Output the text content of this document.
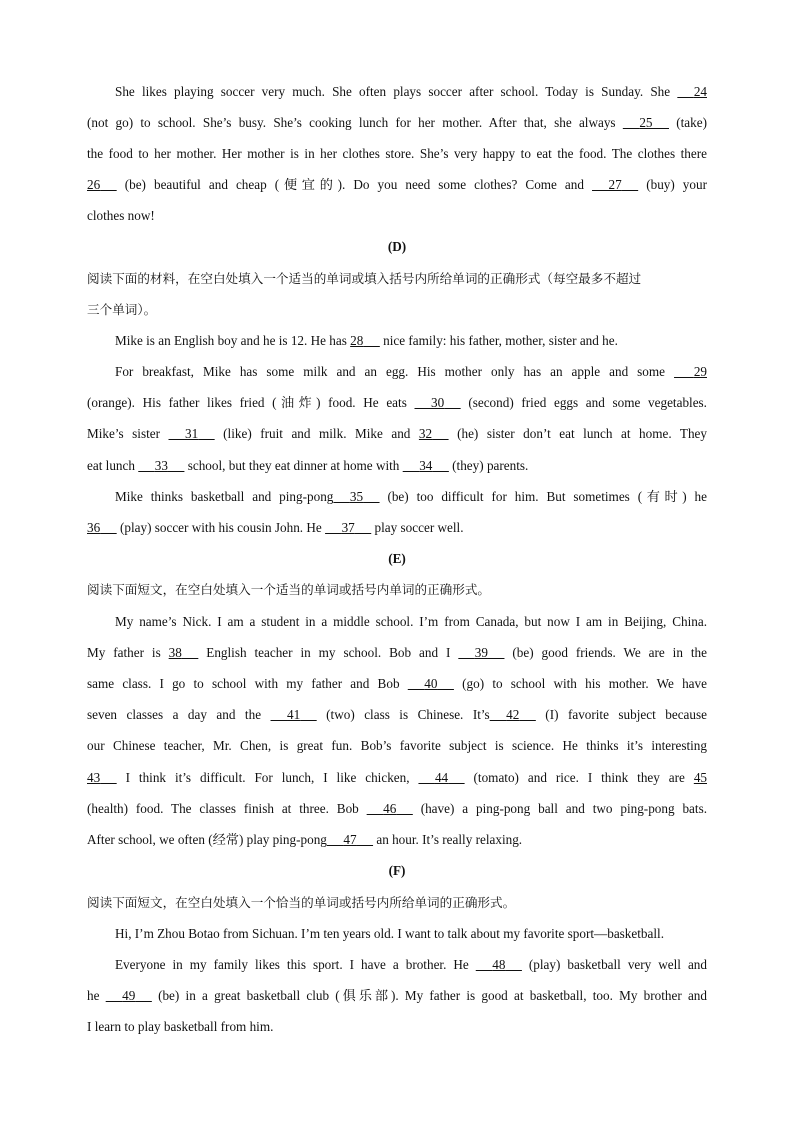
She likes playing soccer very much. She often plays soccer after school. Today is Sunday. She      24
(not go) to school. She’s busy. She’s cooking lunch for her mother. After that, she always      25      (take)
the food to her mother. Her mother is in her clothes store. She’s very happy to eat the food. The clothes there
26      (be) beautiful and cheap (便宜的). Do you need some clothes? Come and      27      (buy) your
clothes now!
(D)
阅读下面的材料，在空白处填入一个适当的单词或填入括号内所给单词的正确形式（每空最多不超过
三个单词）。
Mike is an English boy and he is 12. He has 28      nice family: his father, mother, sister and he.
For breakfast, Mike has some milk and an egg. His mother only has an apple and some       29
(orange). His father likes fried (油炸) food. He eats      30      (second) fried eggs and some vegetables.
Mike’s sister      31      (like) fruit and milk. Mike and 32      (he) sister don’t eat lunch at home. They
eat lunch      33      school, but they eat dinner at home with      34      (they) parents.
Mike thinks basketball and ping-pong 35      (be) too difficult for him. But sometimes (有时) he
36      (play) soccer with his cousin John. He      37      play soccer well.
(E)
阅读下面短文，在空白处填入一个适当的单词或括号内单词的正确形式。
My name’s Nick. I am a student in a middle school. I’m from Canada, but now I am in Beijing, China.
My father is 38      English teacher in my school. Bob and I      39      (be) good friends. We are in the
same class. I go to school with my father and Bob      40      (go) to school with his mother. We have
seven classes a day and the      41      (two) class is Chinese. It’s 42      (I) favorite subject because
our Chinese teacher, Mr. Chen, is great fun. Bob’s favorite subject is science. He thinks it’s interesting
43      I think it’s difficult. For lunch, I like chicken,      44      (tomato) and rice. I think they are 45
(health) food. The classes finish at three. Bob      46      (have) a ping-pong ball and two ping-pong bats.
After school, we often (经常) play ping-pong 47      an hour. It’s really relaxing.
(F)
阅读下面短文，在空白处填入一个恰当的单词或括号内所给单词的正确形式。
Hi, I’m Zhou Botao from Sichuan. I’m ten years old. I want to talk about my favorite sport—basketball.
Everyone in my family likes this sport. I have a brother. He      48      (play) basketball very well and
he      49      (be) in a great basketball club (俱乐部). My father is good at basketball, too. My brother and
I learn to play basketball from him.
